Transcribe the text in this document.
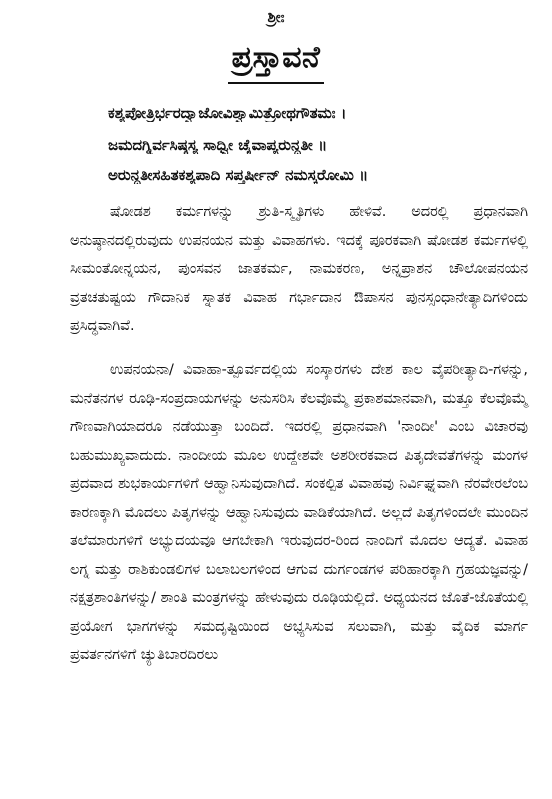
ಶ್ರೀಃ
ಪ್ರಸ್ತಾವನೆ
ಕಶ್ಯಪೋತ್ರಿರ್ಭರದ್ವಾಜೋವಿಶ್ವಾಮಿತ್ರೋಥಗೌತಮಃ ।
ಜಮದಗ್ನಿರ್ವಸಿಷ್ಠಸ್ಯ ಸಾಧ್ವೀ ಚೈವಾಪ್ಯರುನ್ಧತೀ ॥
ಅರುನ್ಧತೀಸಹಿತಕಶ್ಯಪಾದಿ ಸಪ್ತರ್ಷೀನ್ ನಮಸ್ಕರೋಮಿ ॥

ಷೋಡಶ ಕರ್ಮಗಳನ್ನು ಶ್ರುತಿ-ಸ್ಮೃತಿಗಳು ಹೇಳಿವೆ. ಅದರಲ್ಲಿ ಪ್ರಧಾನವಾಗಿ ಅನುಷ್ಠಾನದಲ್ಲಿರುವುದು ಉಪನಯನ ಮತ್ತು ವಿವಾಹಗಳು. ಇದಕ್ಕೆ ಪೂರಕವಾಗಿ ಷೋಡಶ ಕರ್ಮಗಳಲ್ಲಿ ಸೀಮಂತೋನ್ನಯನ, ಪುಂಸವನ ಜಾತಕರ್ಮ, ನಾಮಕರಣ, ಅನ್ನಪ್ರಾಶನ ಚೌಲೋಪನಯನ ವ್ರತಚತುಷ್ಟಯ ಗೌದಾನಿಕ ಸ್ನಾತಕ ವಿವಾಹ ಗರ್ಭಾದಾನ ಔಪಾಸನ ಪುನಸ್ಸಂಧಾನೇತ್ಯಾದಿಗಳಿಂದು ಪ್ರಸಿದ್ಧವಾಗಿವೆ.

ಉಪನಯನಾ/ ವಿವಾಹಾ-ತ್ಪೂರ್ವದಲ್ಲಿಯ ಸಂಸ್ಕಾರಗಳು ದೇಶ ಕಾಲ ವೈಪರೀತ್ಯಾದಿ-ಗಳನ್ನು, ಮನೆತನಗಳ ರೂಢಿ-ಸಂಪ್ರದಾಯಗಳನ್ನು ಅನುಸರಿಸಿ ಕೆಲವೊಮ್ಮೆ ಪ್ರಕಾಶಮಾನವಾಗಿ, ಮತ್ತೂ ಕೆಲವೊಮ್ಮೆ ಗೌಣವಾಗಿಯಾದರೂ ನಡೆಯುತ್ತಾ ಬಂದಿದೆ. ಇದರಲ್ಲಿ ಪ್ರಧಾನವಾಗಿ 'ನಾಂದೀ' ಎಂಬ ವಿಚಾರವು ಬಹುಮುಖ್ಯವಾದುದು. ನಾಂದೀಯ ಮೂಲ ಉದ್ದೇಶವೇ ಅಶರೀರಕವಾದ ಪಿತೃದೇವತೆಗಳನ್ನು ಮಂಗಳ ಪ್ರದವಾದ ಶುಭಕಾರ್ಯಗಳಿಗೆ ಆಹ್ವಾನಿಸುವುದಾಗಿದೆ. ಸಂಕಲ್ಪಿತ ವಿವಾಹವು ನಿರ್ವಿಘ್ನವಾಗಿ ನೆರವೇರಲೆಂಬ ಕಾರಣಕ್ಕಾಗಿ ಮೊದಲು ಪಿತೃಗಳನ್ನು ಆಹ್ವಾನಿಸುವುದು ವಾಡಿಕೆಯಾಗಿದೆ. ಅಲ್ಲದೆ ಪಿತೃಗಳಿಂದಲೇ ಮುಂದಿನ ತಲೆಮಾರುಗಳಿಗೆ ಅಭ್ಯುದಯವೂ ಆಗಬೇಕಾಗಿ ಇರುವುದರ-ರಿಂದ ನಾಂದಿಗೆ ಮೊದಲ ಆದ್ಯತೆ. ವಿವಾಹ ಲಗ್ನ ಮತ್ತು ರಾಶಿಕುಂಡಲಿಗಳ ಬಲಾಬಲಗಳಿಂದ ಆಗುವ ದುರ್ಗಂಡಗಳ ಪರಿಹಾರಕ್ಕಾಗಿ ಗ್ರಹಯಜ್ಞವನ್ನು/ ನಕ್ಷತ್ರಶಾಂತಿಗಳನ್ನು/ ಶಾಂತಿ ಮಂತ್ರಗಳನ್ನು ಹೇಳುವುದು ರೂಢಿಯಲ್ಲಿದೆ. ಅಧ್ಯಯನದ ಜೊತೆ-ಜೊತೆಯಲ್ಲಿ ಪ್ರಯೋಗ ಭಾಗಗಳನ್ನು ಸಮದೃಷ್ಟಿಯಿಂದ ಅಭ್ಯಸಿಸುವ ಸಲುವಾಗಿ, ಮತ್ತು ವೈದಿಕ ಮಾರ್ಗ ಪ್ರವರ್ತನಗಳಿಗೆ ಚ್ಯುತಿಬಾರದಿರಲು
